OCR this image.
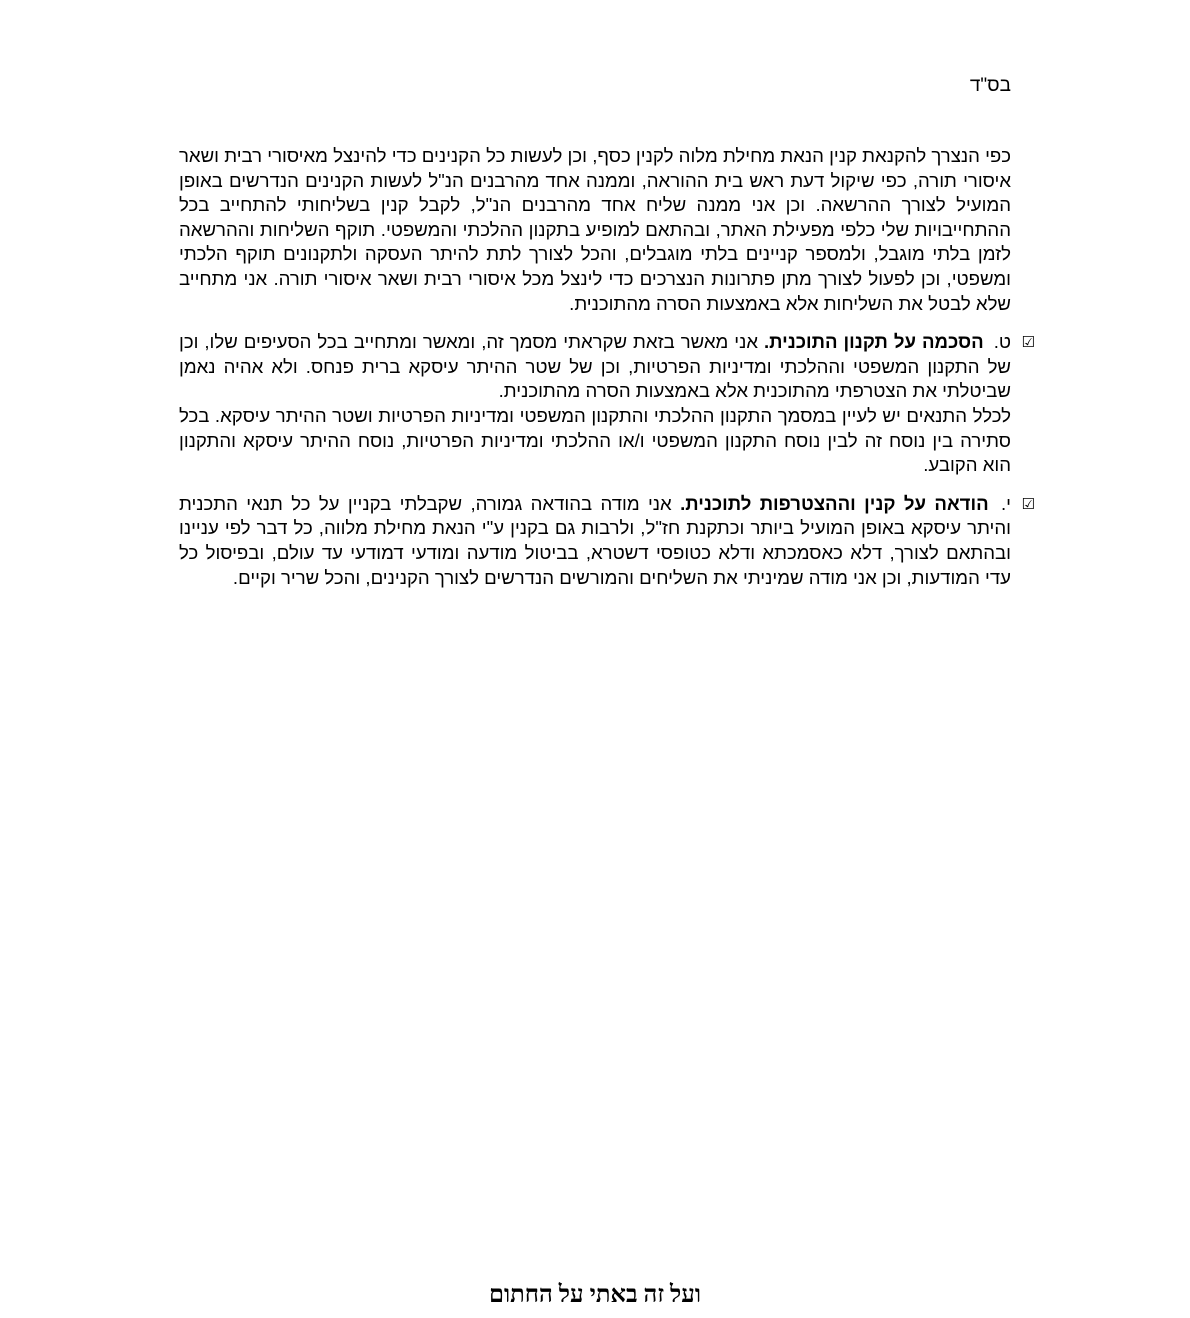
בס"ד

כפי הנצרך להקנאת קנין הנאת מחילת מלוה לקנין כסף, וכן לעשות כל הקנינים כדי להינצל מאיסורי רבית ושאר איסורי תורה, כפי שיקול דעת ראש בית ההוראה, וממנה אחד מהרבנים הנ"ל לעשות הקנינים הנדרשים באופן המועיל לצורך ההרשאה. וכן אני ממנה שליח אחד מהרבנים הנ"ל, לקבל קנין בשליחותי להתחייב בכל ההתחייבויות שלי כלפי מפעילת האתר, ובהתאם למופיע בתקנון ההלכתי והמשפטי. תוקף השליחות וההרשאה לזמן בלתי מוגבל, ולמספר קניינים בלתי מוגבלים, והכל לצורך לתת להיתר העסקה ולתקנונים תוקף הלכתי ומשפטי, וכן לפעול לצורך מתן פתרונות הנצרכים כדי לינצל מכל איסורי רבית ושאר איסורי תורה. אני מתחייב שלא לבטל את השליחות אלא באמצעות הסרה מהתוכנית.

☑
ט. הסכמה על תקנון התוכנית. אני מאשר בזאת שקראתי מסמך זה, ומאשר ומתחייב בכל הסעיפים שלו, וכן של התקנון המשפטי וההלכתי ומדיניות הפרטיות, וכן של שטר ההיתר עיסקא ברית פנחס. ולא אהיה נאמן שביטלתי את הצטרפתי מהתוכנית אלא באמצעות הסרה מהתוכנית.
לכלל התנאים יש לעיין במסמך התקנון ההלכתי והתקנון המשפטי ומדיניות הפרטיות ושטר ההיתר עיסקא. בכל סתירה בין נוסח זה לבין נוסח התקנון המשפטי ו/או ההלכתי ומדיניות הפרטיות, נוסח ההיתר עיסקא והתקנון הוא הקובע.
☑
י. הודאה על קנין וההצטרפות לתוכנית. אני מודה בהודאה גמורה, שקבלתי בקניין על כל תנאי התכנית והיתר עיסקא באופן המועיל ביותר וכתקנת חז"ל, ולרבות גם בקנין ע"י הנאת מחילת מלווה, כל דבר לפי עניינו ובהתאם לצורך, דלא כאסמכתא ודלא כטופסי דשטרא, בביטול מודעה ומודעי דמודעי עד עולם, ובפיסול כל עדי המודעות, וכן אני מודה שמיניתי את השליחים והמורשים הנדרשים לצורך הקנינים, והכל שריר וקיים.
ועל זה באתי על החתום
